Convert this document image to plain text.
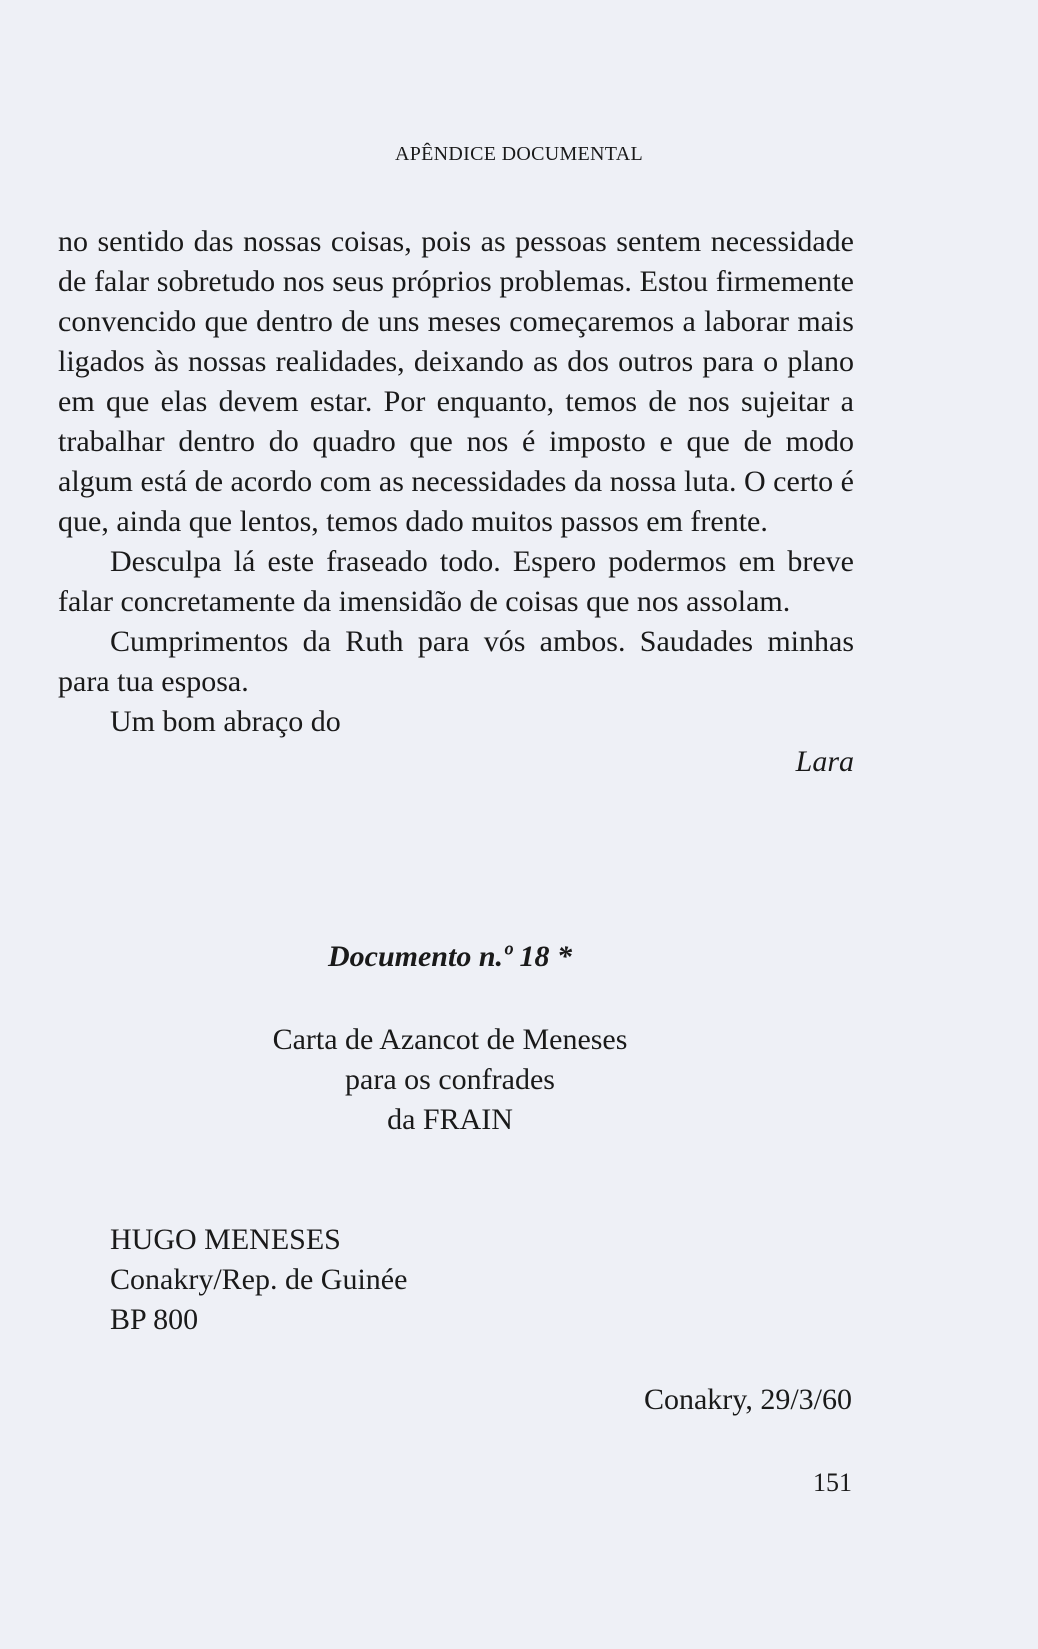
APÊNDICE DOCUMENTAL

no sentido das nossas coisas, pois as pessoas sentem necessidade de falar sobretudo nos seus próprios problemas. Estou firmemente convencido que dentro de uns meses começaremos a laborar mais ligados às nossas realidades, deixando as dos outros para o plano em que elas devem estar. Por enquanto, temos de nos sujeitar a trabalhar dentro do quadro que nos é imposto e que de modo algum está de acordo com as necessidades da nossa luta. O certo é que, ainda que lentos, temos dado muitos passos em frente.

Desculpa lá este fraseado todo. Espero podermos em breve falar concretamente da imensidão de coisas que nos assolam.

Cumprimentos da Ruth para vós ambos. Saudades minhas para tua esposa.

Um bom abraço do

Lara

Documento n.º 18 *
Carta de Azancot de Meneses
para os confrades
da FRAIN
HUGO MENESES
Conakry/Rep. de Guinée
BP 800
Conakry, 29/3/60
151
